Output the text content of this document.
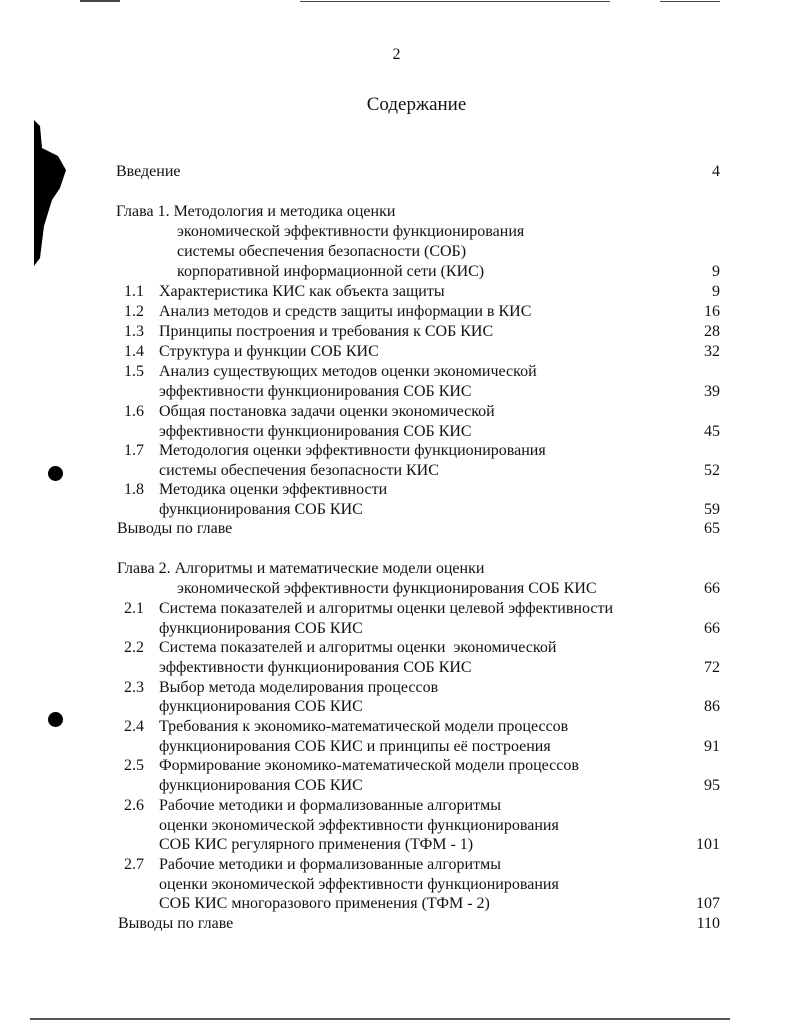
2
Содержание
Введение	4
Глава 1. Методология и методика оценки
экономической эффективности функционирования
системы обеспечения безопасности (СОБ)
корпоративной информационной сети (КИС)	9
1.1 Характеристика КИС как объекта защиты	9
1.2 Анализ методов и средств защиты информации в КИС	16
1.3 Принципы построения и требования к СОБ КИС	28
1.4 Структура и функции СОБ КИС	32
1.5 Анализ существующих методов оценки экономической
эффективности функционирования СОБ КИС	39
1.6 Общая постановка задачи оценки экономической
эффективности функционирования СОБ КИС	45
1.7 Методология оценки эффективности функционирования
системы обеспечения безопасности КИС	52
1.8 Методика оценки эффективности
функционирования СОБ КИС	59
Выводы по главе	65
Глава 2. Алгоритмы и математические модели оценки
экономической эффективности функционирования СОБ КИС	66
2.1 Система показателей и алгоритмы оценки целевой эффективности
функционирования СОБ КИС	66
2.2 Система показателей и алгоритмы оценки  экономической
эффективности функционирования СОБ КИС	72
2.3 Выбор метода моделирования процессов
функционирования СОБ КИС	86
2.4 Требования к экономико-математической модели процессов
функционирования СОБ КИС и принципы её построения	91
2.5 Формирование экономико-математической модели процессов
функционирования СОБ КИС	95
2.6 Рабочие методики и формализованные алгоритмы
оценки экономической эффективности функционирования
СОБ КИС регулярного применения (ТФМ - 1)	101
2.7 Рабочие методики и формализованные алгоритмы
оценки экономической эффективности функционирования
СОБ КИС многоразового применения (ТФМ - 2)	107
Выводы по главе	110
